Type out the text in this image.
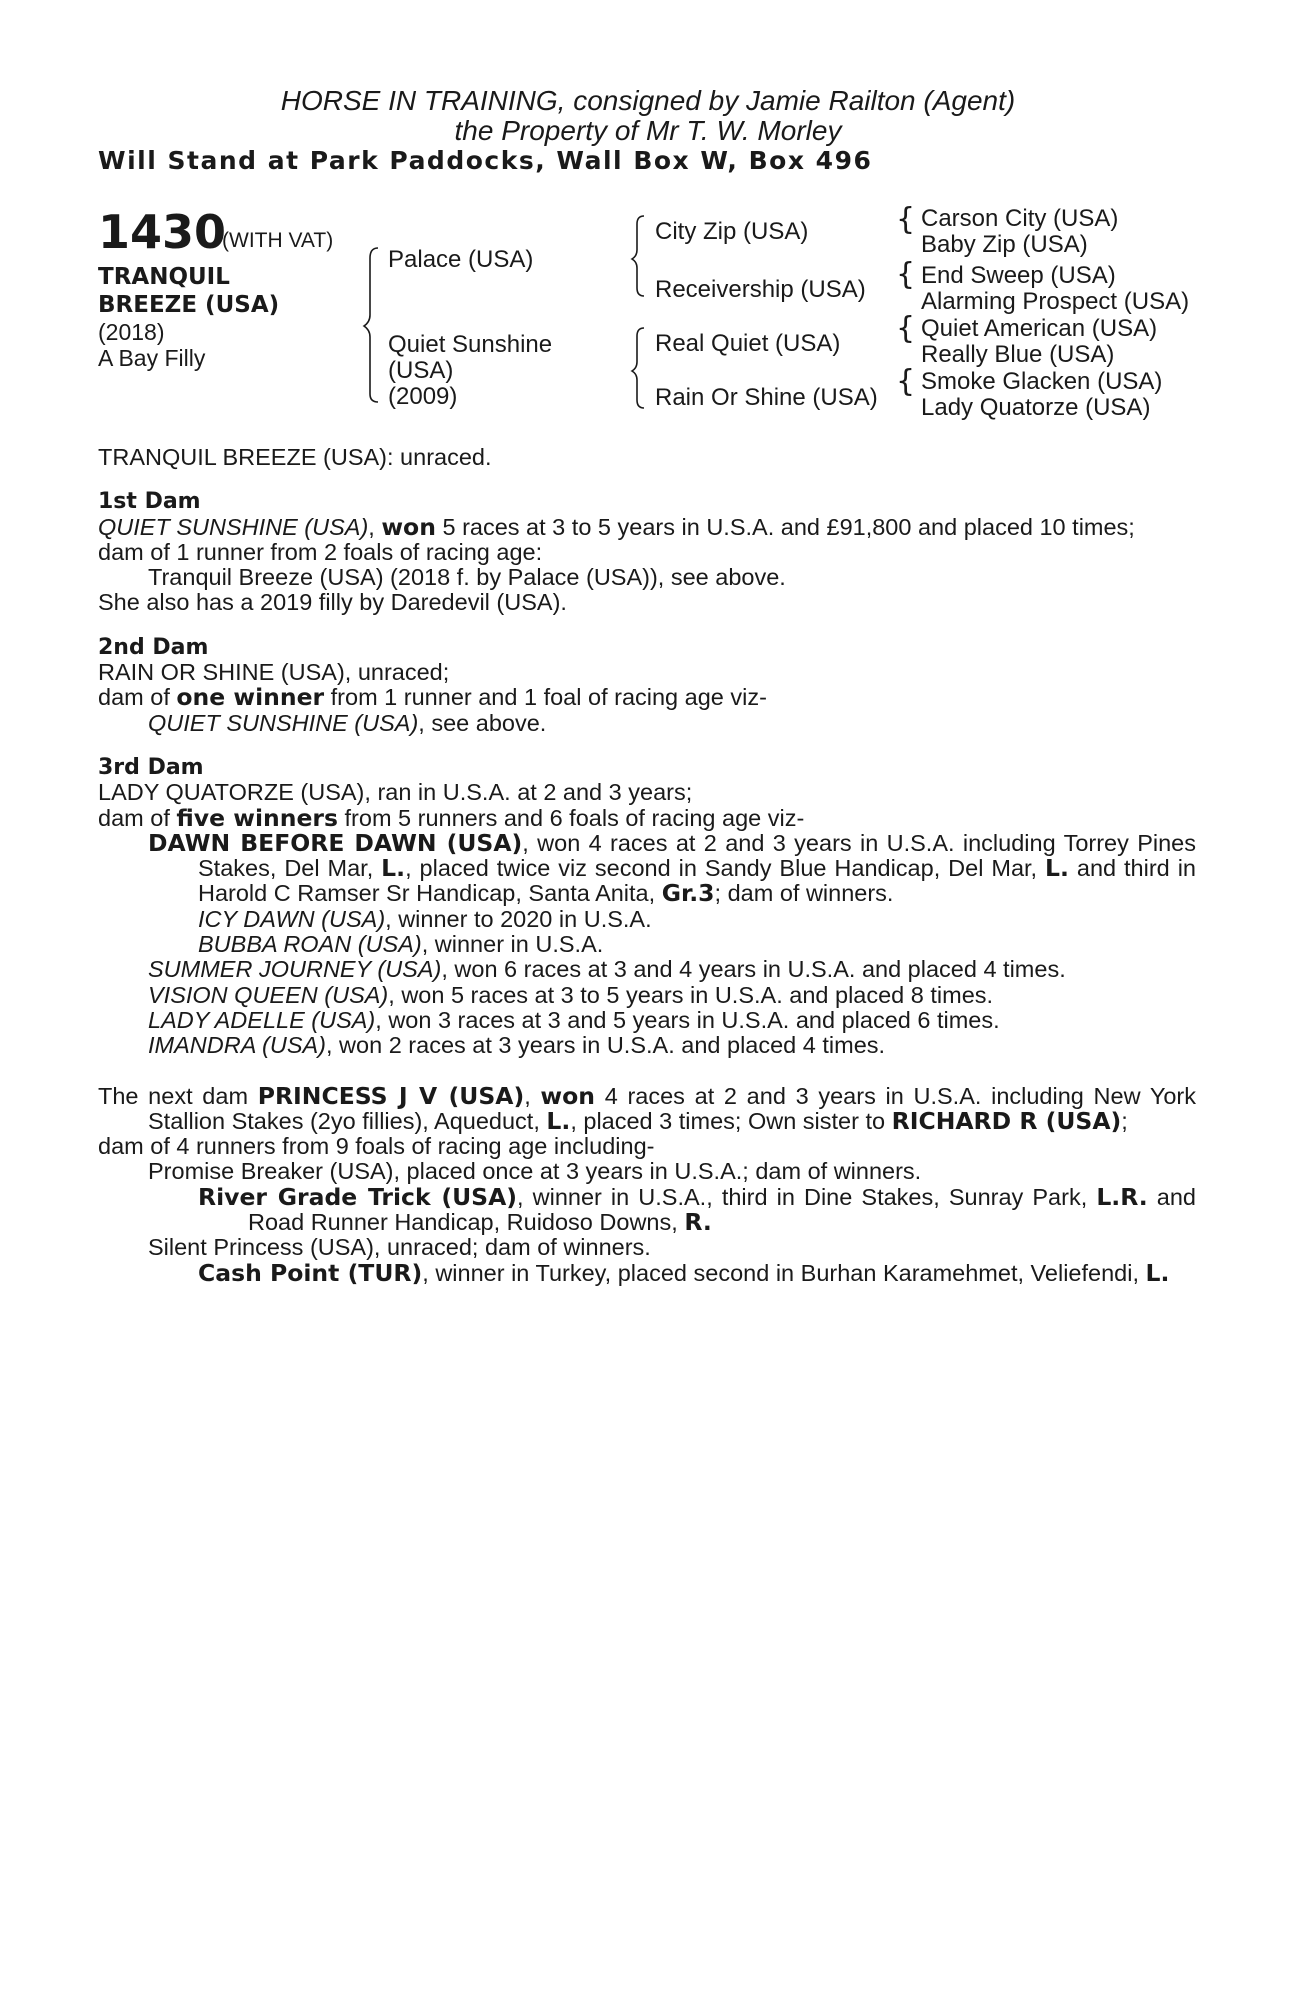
HORSE IN TRAINING, consigned by Jamie Railton (Agent)
the Property of Mr T. W. Morley
Will Stand at Park Paddocks, Wall Box W, Box 496
1430
(WITH VAT)
TRANQUIL
BREEZE (USA)
(2018)
A Bay Filly
Palace (USA)
Quiet Sunshine
(USA)
(2009)
City Zip (USA)
Receivership (USA)
Real Quiet (USA)
Rain Or Shine (USA)
{
{
{
{
Carson City (USA)
Baby Zip (USA)
End Sweep (USA)
Alarming Prospect (USA)
Quiet American (USA)
Really Blue (USA)
Smoke Glacken (USA)
Lady Quatorze (USA)

TRANQUIL BREEZE (USA): unraced.

1st Dam

QUIET SUNSHINE (USA), won 5 races at 3 to 5 years in U.S.A. and £91,800 and placed 10 times;

dam of 1 runner from 2 foals of racing age:

Tranquil Breeze (USA) (2018 f. by Palace (USA)), see above.

She also has a 2019 filly by Daredevil (USA).

2nd Dam

RAIN OR SHINE (USA), unraced;

dam of one winner from 1 runner and 1 foal of racing age viz-

QUIET SUNSHINE (USA), see above.

3rd Dam

LADY QUATORZE (USA), ran in U.S.A. at 2 and 3 years;

dam of five winners from 5 runners and 6 foals of racing age viz-

DAWN BEFORE DAWN (USA), won 4 races at 2 and 3 years in U.S.A. including Torrey Pines Stakes, Del Mar, L., placed twice viz second in Sandy Blue Handicap, Del Mar, L. and third in Harold C Ramser Sr Handicap, Santa Anita, Gr.3; dam of winners.

ICY DAWN (USA), winner to 2020 in U.S.A.

BUBBA ROAN (USA), winner in U.S.A.

SUMMER JOURNEY (USA), won 6 races at 3 and 4 years in U.S.A. and placed 4 times.

VISION QUEEN (USA), won 5 races at 3 to 5 years in U.S.A. and placed 8 times.

LADY ADELLE (USA), won 3 races at 3 and 5 years in U.S.A. and placed 6 times.

IMANDRA (USA), won 2 races at 3 years in U.S.A. and placed 4 times.

The next dam PRINCESS J V (USA), won 4 races at 2 and 3 years in U.S.A. including New York Stallion Stakes (2yo fillies), Aqueduct, L., placed 3 times; Own sister to RICHARD R (USA);

dam of 4 runners from 9 foals of racing age including-

Promise Breaker (USA), placed once at 3 years in U.S.A.; dam of winners.

River Grade Trick (USA), winner in U.S.A., third in Dine Stakes, Sunray Park, L.R. and Road Runner Handicap, Ruidoso Downs, R.

Silent Princess (USA), unraced; dam of winners.

Cash Point (TUR), winner in Turkey, placed second in Burhan Karamehmet, Veliefendi, L.
